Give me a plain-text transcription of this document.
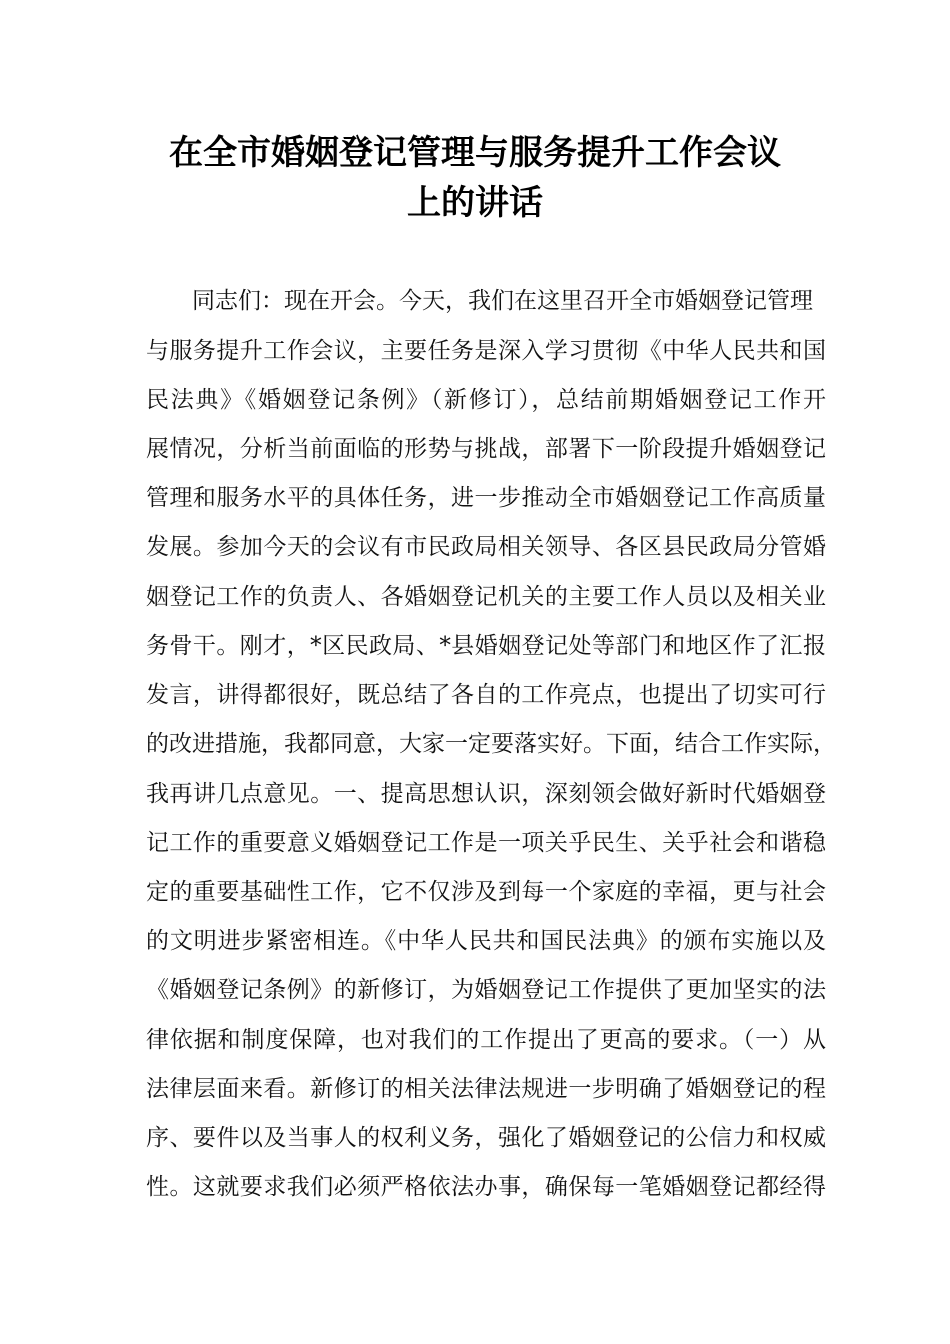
在全市婚姻登记管理与服务提升工作会议
上的讲话
同志们：现在开会。今天，我们在这里召开全市婚姻登记管理
与服务提升工作会议，主要任务是深入学习贯彻《中华人民共和国
民法典》《婚姻登记条例》（新修订），总结前期婚姻登记工作开
展情况，分析当前面临的形势与挑战，部署下一阶段提升婚姻登记
管理和服务水平的具体任务，进一步推动全市婚姻登记工作高质量
发展。参加今天的会议有市民政局相关领导、各区县民政局分管婚
姻登记工作的负责人、各婚姻登记机关的主要工作人员以及相关业
务骨干。刚才，*区民政局、*县婚姻登记处等部门和地区作了汇报
发言，讲得都很好，既总结了各自的工作亮点，也提出了切实可行
的改进措施，我都同意，大家一定要落实好。下面，结合工作实际，
我再讲几点意见。一、提高思想认识，深刻领会做好新时代婚姻登
记工作的重要意义婚姻登记工作是一项关乎民生、关乎社会和谐稳
定的重要基础性工作，它不仅涉及到每一个家庭的幸福，更与社会
的文明进步紧密相连。《中华人民共和国民法典》的颁布实施以及
《婚姻登记条例》的新修订，为婚姻登记工作提供了更加坚实的法
律依据和制度保障，也对我们的工作提出了更高的要求。（一）从
法律层面来看。新修订的相关法律法规进一步明确了婚姻登记的程
序、要件以及当事人的权利义务，强化了婚姻登记的公信力和权威
性。这就要求我们必须严格依法办事，确保每一笔婚姻登记都经得
